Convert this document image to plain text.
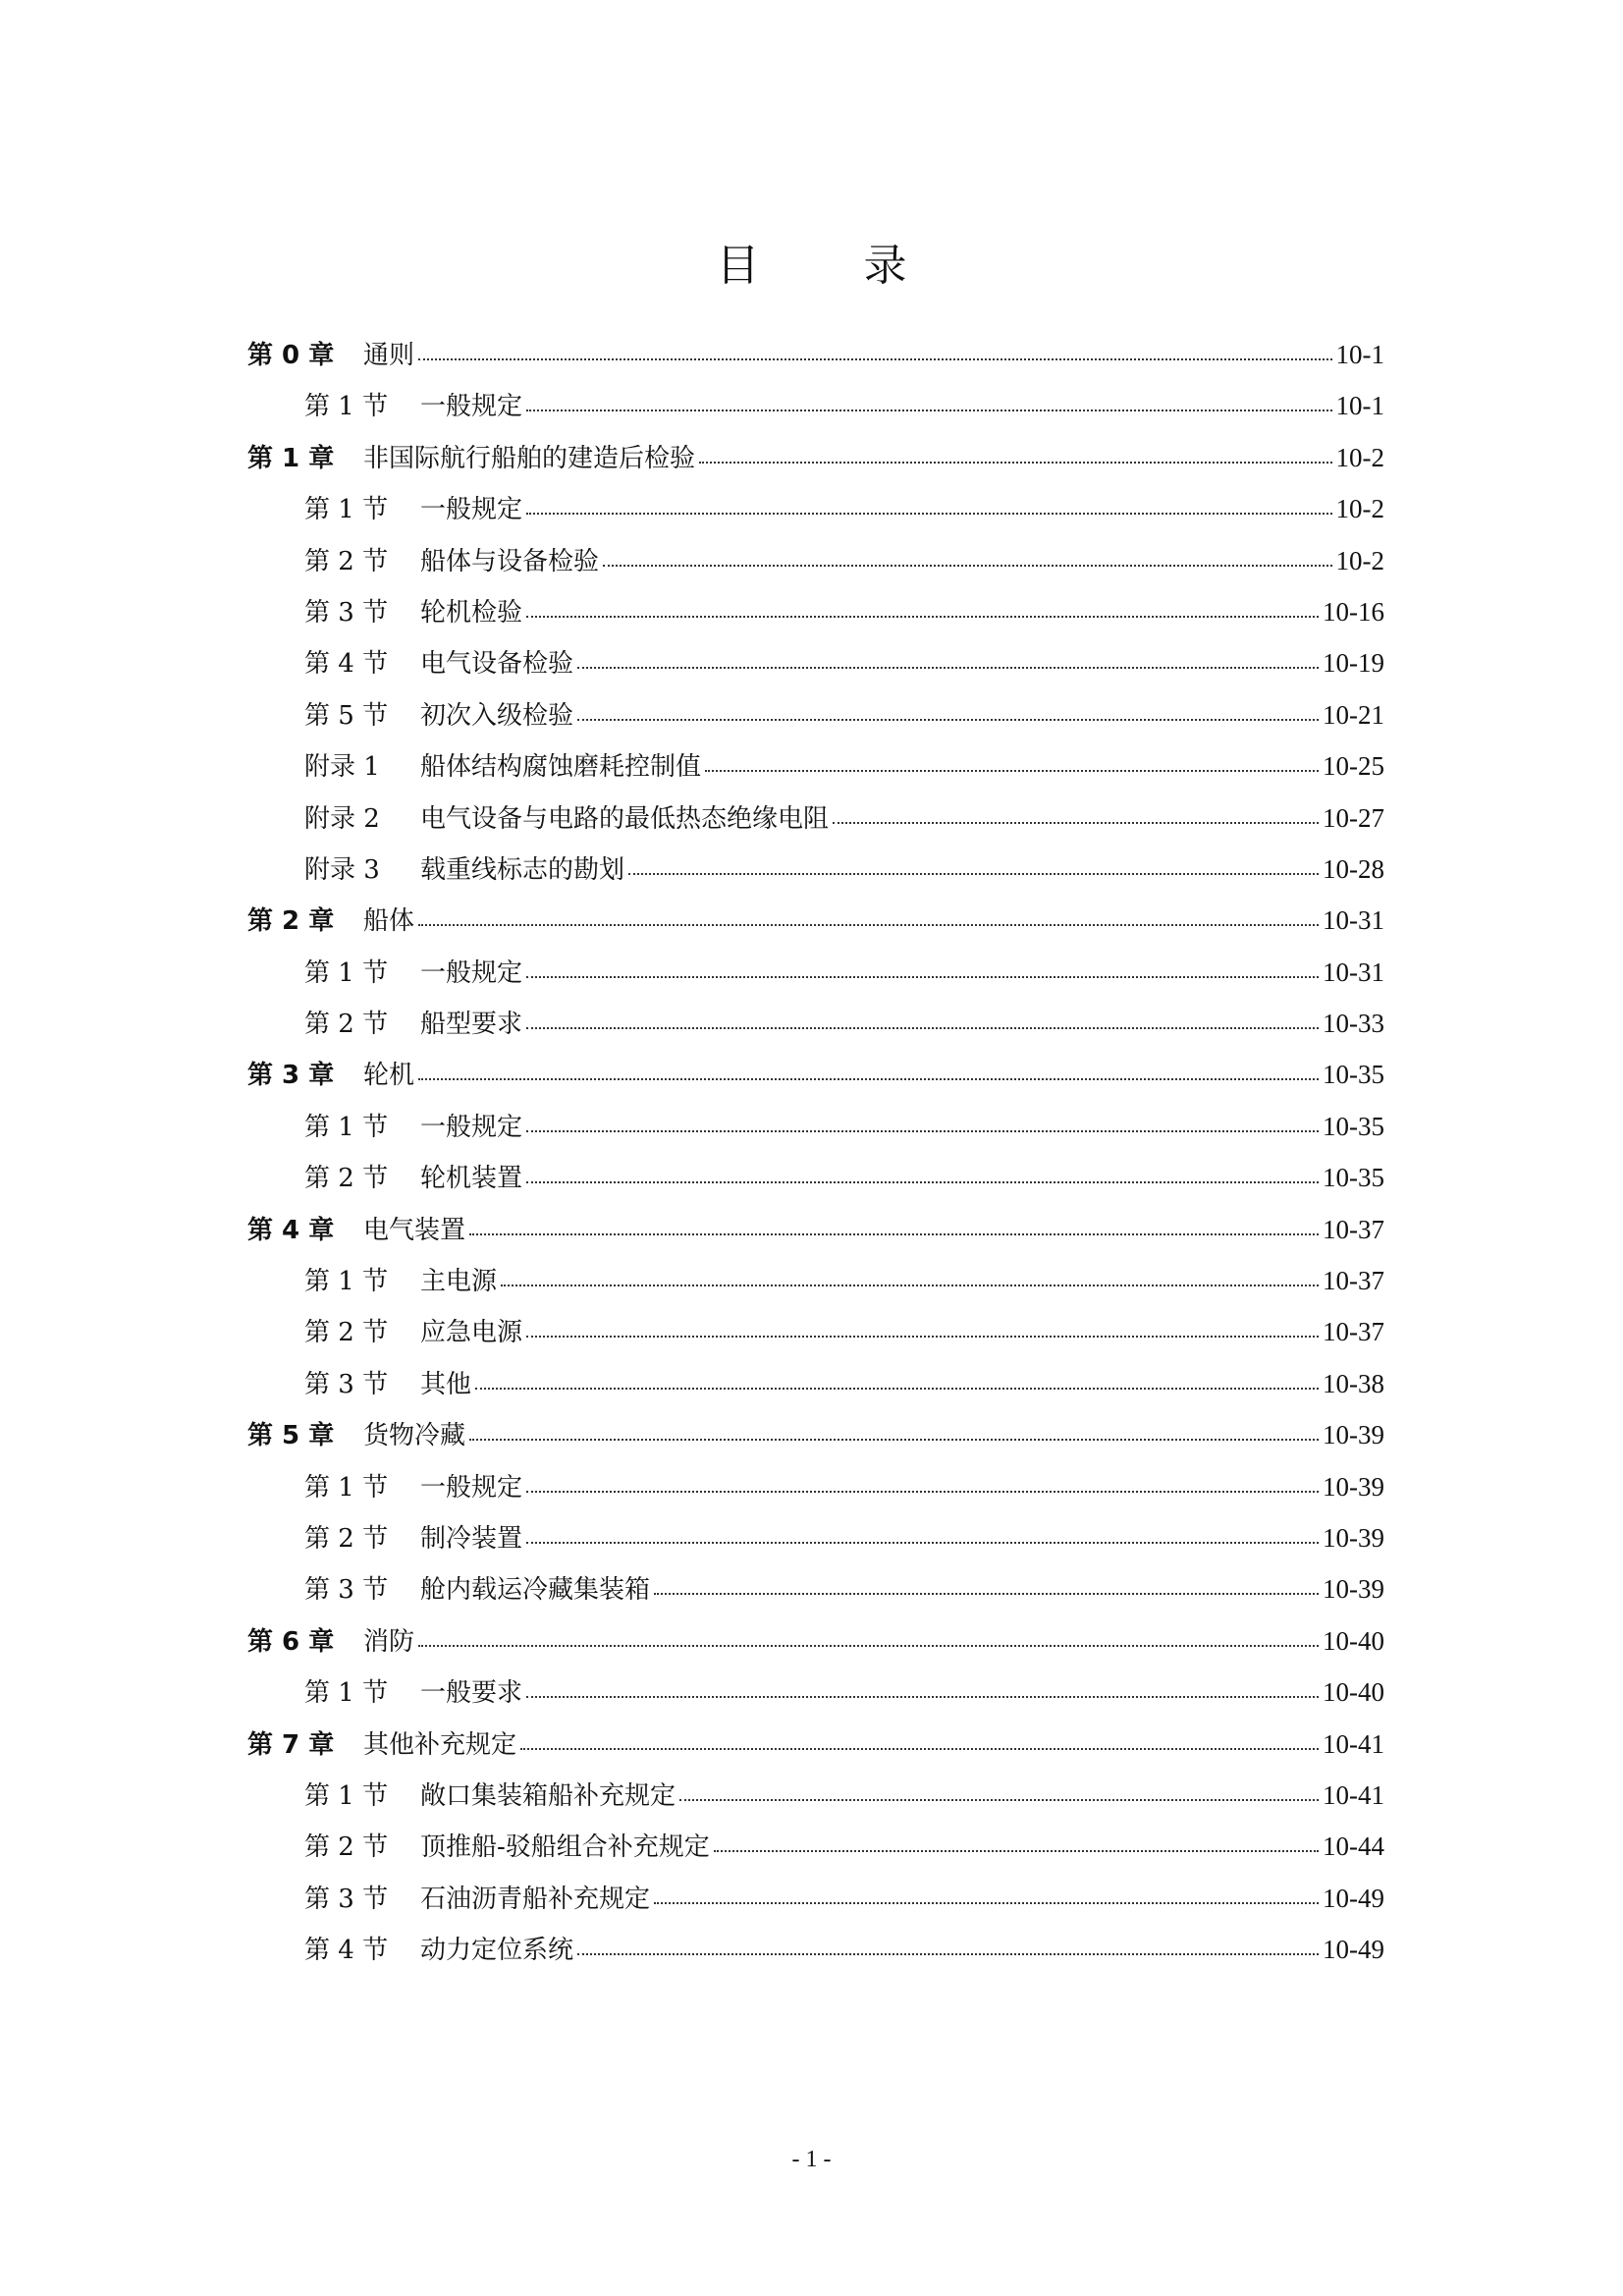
目 录
第 0 章	通则	10-1
第 1 节	一般规定	10-1
第 1 章	非国际航行船舶的建造后检验	10-2
第 1 节	一般规定	10-2
第 2 节	船体与设备检验	10-2
第 3 节	轮机检验	10-16
第 4 节	电气设备检验	10-19
第 5 节	初次入级检验	10-21
附录 1	船体结构腐蚀磨耗控制值	10-25
附录 2	电气设备与电路的最低热态绝缘电阻	10-27
附录 3	载重线标志的勘划	10-28
第 2 章	船体	10-31
第 1 节	一般规定	10-31
第 2 节	船型要求	10-33
第 3 章	轮机	10-35
第 1 节	一般规定	10-35
第 2 节	轮机装置	10-35
第 4 章	电气装置	10-37
第 1 节	主电源	10-37
第 2 节	应急电源	10-37
第 3 节	其他	10-38
第 5 章	货物冷藏	10-39
第 1 节	一般规定	10-39
第 2 节	制冷装置	10-39
第 3 节	舱内载运冷藏集装箱	10-39
第 6 章	消防	10-40
第 1 节	一般要求	10-40
第 7 章	其他补充规定	10-41
第 1 节	敞口集装箱船补充规定	10-41
第 2 节	顶推船-驳船组合补充规定	10-44
第 3 节	石油沥青船补充规定	10-49
第 4 节	动力定位系统	10-49
- 1 -
